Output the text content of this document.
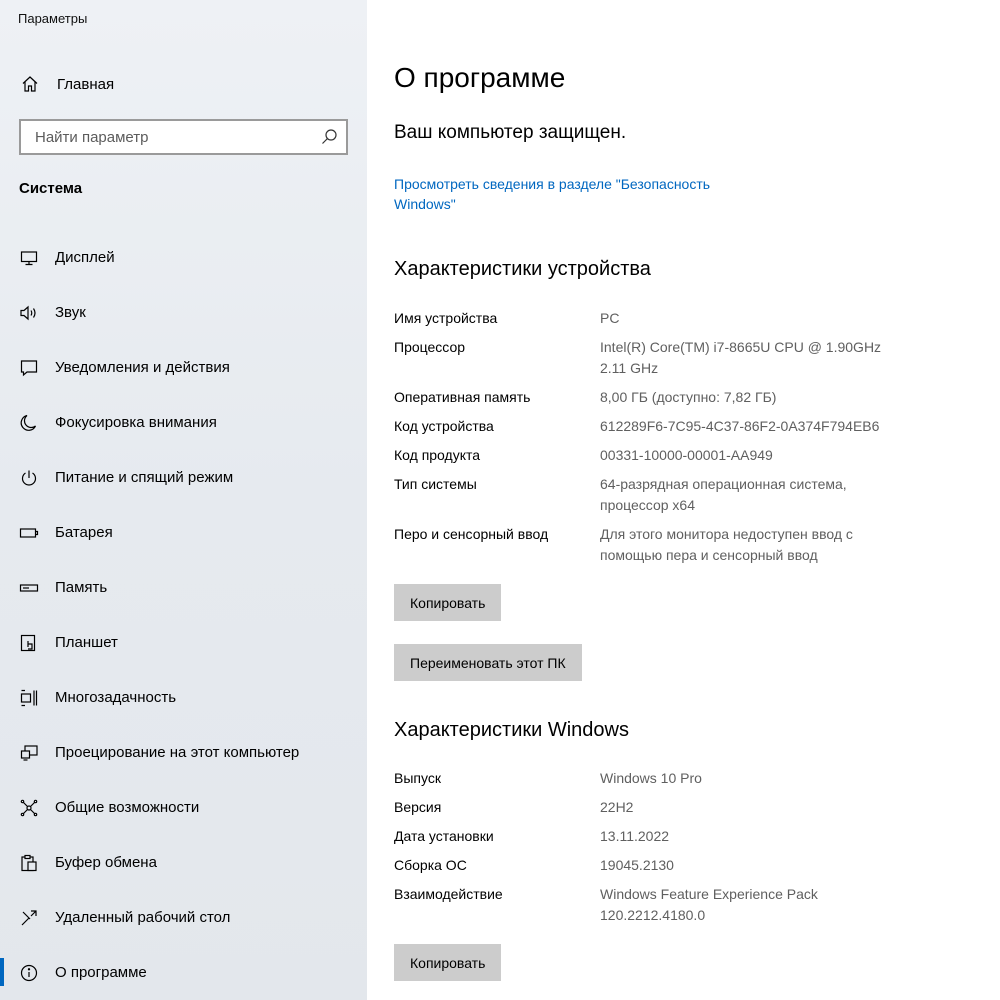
Параметры
Главная
Найти параметр
Система
Дисплей
Звук
Уведомления и действия
Фокусировка внимания
Питание и спящий режим
Батарея
Память
Планшет
Многозадачность
Проецирование на этот компьютер
Общие возможности
Буфер обмена
Удаленный рабочий стол
О программе
О программе
Ваш компьютер защищен.
Просмотреть сведения в разделе "Безопасность Windows"
Характеристики устройства
Имя устройства	PC
Процессор	Intel(R) Core(TM) i7-8665U CPU @ 1.90GHz 2.11 GHz
Оперативная память	8,00 ГБ (доступно: 7,82 ГБ)
Код устройства	612289F6-7C95-4C37-86F2-0A374F794EB6
Код продукта	00331-10000-00001-AA949
Тип системы	64-разрядная операционная система, процессор x64
Перо и сенсорный ввод	Для этого монитора недоступен ввод с помощью пера и сенсорный ввод
Копировать
Переименовать этот ПК
Характеристики Windows
Выпуск	Windows 10 Pro
Версия	22H2
Дата установки	13.11.2022
Сборка ОС	19045.2130
Взаимодействие	Windows Feature Experience Pack 120.2212.4180.0
Копировать
